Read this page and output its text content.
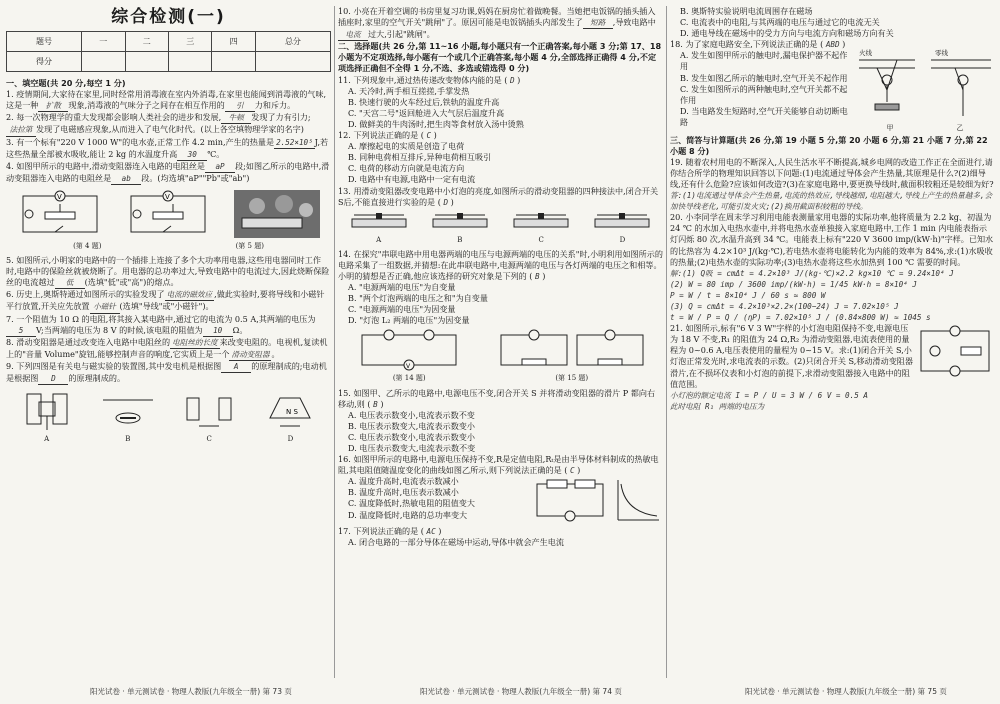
综合检测(一)
题号	一	二	三	四	总分
得分					
一、填空题(共 20 分,每空 1 分)

1. 疫情期间,大家待在家里,同时经常用消毒液在室内外消毒,在家里也能闻到消毒液的气味,这是一种 扩散 现象,消毒液的气味分子之间存在相互作用的 引 力和斥力。

2. 每一次物理学的重大发现都会影响人类社会的进步和发展, 牛顿 发现了力有引力;法拉第 发现了电磁感应现象,从而进入了电气化时代。(以上各空填物理学家的名字)

3. 有一个标有"220 V 1000 W"的电水壶,正常工作 4.2 min,产生的热量是 2.52×10⁵ J,若这些热量全部被水吸收,能让 2 kg 的水温度升高 30 ℃。

4. 如图甲所示的电路中,滑动变阻器连入电路的电阻丝是 aP 段;如图乙所示的电路中,滑动变阻器连入电路的电阻丝是 ab 段。(均选填"aP""Pb"或"ab")

V	V
(第 4 题)	(第 5 题)

5. 如图所示,小明家的电路中的一个插排上连接了多个大功率用电器,这些用电器同时工作时,电路中的保险丝就被烧断了。用电器的总功率过大,导致电路中的电流过大,因此烧断保险丝的电流越过 低 (选填"低"或"高")的熔点。

6. 历史上,奥斯特通过如图所示的实验发现了 电流的磁效应 ,做此实验时,要将导线和小磁针平行放置,开关应先放置 小磁针 (选填"导线"或"小磁针")。

7. 一个阻值为 10 Ω 的电阻,将其接入某电路中,通过它的电流为 0.5 A,其两端的电压为5 V;当两端的电压为 8 V 的时候,该电阻的阻值为 10 Ω。

8. 滑动变阻器是通过改变连入电路中电阻丝的 电阻丝的长度 来改变电阻的。电视机,复读机上的"音量 Volume"旋钮,能够控制声音的响度,它实质上是一个 滑动变阻器 。

9. 下列四图是有关电与磁实验的装置图,其中发电机是根据图 A 的原理制成的;电动机是根据图 D 的原理制成的。

A	B	C
N S
D

10. 小亮在开着空调的书房里复习功课,妈妈在厨房忙着做晚餐。当她把电饭锅的插头插入插座时,家里的空气开关"跳闸"了。原因可能是电饭锅插头内部发生了 短路 ,导致电路中电流 过大,引起"跳闸"。

二、选择题(共 26 分,第 11~16 小题,每小题只有一个正确答案,每小题 3 分;第 17、18 小题为不定项选择,每小题有一个或几个正确答案,每小题 4 分,全部选择正确得 4 分,不定项选择正确但不全得 1 分,不选、多选或错选得 0 分)

11. 下列现象中,通过热传递改变物体内能的是 ( D )

A. 天冷时,两手相互搓搓,手掌发热

B. 快速行驶的火车经过后,铁轨的温度升高

C. "天宫二号"返回舱进入大气层后温度升高

D. 做鲜美的牛肉汤时,把生肉等食材放入汤中烫熟

12. 下列说法正确的是 ( C )

A. 摩擦起电的实质是创造了电荷

B. 同种电荷相互排斥,异种电荷相互吸引

C. 电荷的移动方向就是电流方向

D. 电路中有电源,电路中一定有电流

13. 用滑动变阻器改变电路中小灯泡的亮度,如图所示的滑动变阻器的四种接法中,闭合开关S后,不能直接进行实验的是 ( D )

A	B	C	D

14. 在探究"串联电路中用电器两端的电压与电源两端的电压的关系"时,小明利用如图所示的电路采集了一组数据,并猜想:在此串联电路中,电源两端的电压与各灯两端的电压之和相等。小明的猜想是否正确,他应该选择的研究对象是下列的 ( B )

A. "电源两端的电压"为自变量

B. "两个灯泡两端的电压之和"为自变量

C. "电源两端的电压"为因变量

D. "灯泡 L₂ 两端的电压"为因变量

V
(第 14 题)	(第 15 题)

15. 如图甲、乙所示的电路中,电源电压不变,闭合开关 S 并将滑动变阻器的滑片 P 都向右移动,则 ( B )

A. 电压表示数变小,电流表示数不变

B. 电压表示数变大,电流表示数变小

C. 电压表示数变小,电流表示数变小

D. 电压表示数变大,电流表示数不变

16. 如图甲所示的电路中,电源电压保持不变,R是定值电阻,Rₜ是由半导体材料制成的热敏电阻,其电阻值随温度变化的曲线如图乙所示,则下列说法正确的是 ( C )

A. 温度升高时,电流表示数减小

B. 温度升高时,电压表示数减小

C. 温度降低时,热敏电阻的阻值变大

D. 温度降低时,电路的总功率变大

17. 下列说法正确的是 ( AC )

A. 闭合电路的一部分导体在磁场中运动,导体中就会产生电流

B. 奥斯特实验说明电流周围存在磁场

C. 电流表中的电阻,与其两端的电压与通过它的电流无关

D. 通电导线在磁场中的受力方向与电流方向和磁场方向有关

18. 为了家庭电路安全,下列说法正确的是 ( ABD )

A. 发生如图甲所示的触电时,漏电保护器不起作用

B. 发生如图乙所示的触电时,空气开关不起作用

C. 发生如图所示的两种触电时,空气开关都不起作用

D. 当电路发生短路时,空气开关能够自动切断电路

火线	零线
甲	乙
三、简答与计算题(共 26 分,第 19 小题 5 分,第 20 小题 6 分,第 21 小题 7 分,第 22 小题 8 分)

19. 随着农村用电的不断深入,人民生活水平不断提高,城乡电网的改造工作正在全面进行,请你结合所学的物理知识回答以下问题:(1)电流通过导体会产生热量,其原理是什么?(2)细导线,还有什么危险?应该如何改造?(3)在家庭电路中,要更换导线时,截面积较粗还是较细为好?

答:(1)电流通过导体会产生热量,电流的热效应,导线越细,电阻越大,导线上产生的热量越多,会加快导线老化,可能引发火灾;(2)换用截面积较粗的导线。

20. 小李同学在周末学习利用电能表测量家用电器的实际功率,他将质量为 2.2 kg、初温为 24 ℃ 的水加入电热水壶中,并将电热水壶单独接入家庭电路中,工作 1 min 内电能表指示灯闪烁 80 次,水温升高到 34 ℃。电能表上标有"220 V 3600 imp/(kW·h)"字样。已知水的比热容为 4.2×10³ J/(kg·℃),若电热水壶将电能转化为内能的效率为 84%,求:(1)水吸收的热量;(2)电热水壶的实际功率;(3)电热水壶将这些水加热到 100 ℃ 需要的时间。

解:(1) Q吸 = cmΔt = 4.2×10³ J/(kg·℃)×2.2 kg×10 ℃ = 9.24×10⁴ J

(2) W = 80 imp / 3600 imp/(kW·h) = 1/45 kW·h = 8×10⁴ J

P = W / t = 8×10⁴ J / 60 s ≈ 800 W

(3) Q = cmΔt = 4.2×10³×2.2×(100−24) J = 7.02×10⁵ J

t = W / P = Q / (ηP) = 7.02×10⁵ J / (0.84×800 W) ≈ 1045 s

21. 如图所示,标有"6 V 3 W"字样的小灯泡电阻保持不变,电源电压为 18 V 不变,R₁ 的阻值为 24 Ω,R₂ 为滑动变阻器,电流表使用的量程为 0~0.6 A,电压表使用的量程为 0~15 V。求:(1)闭合开关 S,小灯泡正常发光时,求电流表的示数。(2)只闭合开关 S,移动滑动变阻器滑片,在不损坏仪表和小灯泡的前提下,求滑动变阻器接入电路中的阻值范围。

小灯泡的额定电流 I = P / U = 3 W / 6 V = 0.5 A

此时电阻 R₁ 两端的电压为

阳光试卷 · 单元测试卷 · 物理人教版(九年级全一册) 第 73 页	阳光试卷 · 单元测试卷 · 物理人教版(九年级全一册) 第 74 页	阳光试卷 · 单元测试卷 · 物理人教版(九年级全一册) 第 75 页
